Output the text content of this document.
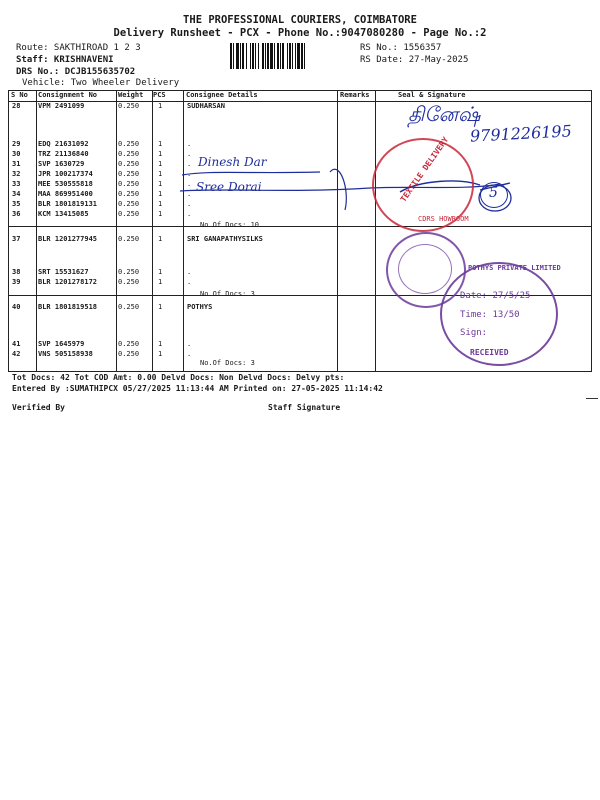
THE PROFESSIONAL COURIERS, COIMBATORE
Delivery Runsheet - PCX - Phone No.:9047080280 - Page No.:2
Route: SAKTHIROAD 1 2 3
Staff: KRISHNAVENI
DRS No.: DCJB155635702
Vehicle: Two Wheeler Delivery
RS No.: 1556357
RS Date: 27-May-2025
S No Consignment No	Weight PCS	Consignee Details	Remarks	Seal & Signature
28	VPM 2491099	0.250	1	SUDHARSAN
29	EDQ 21631092	0.250	1	.
30	TRZ 21136840	0.250	1	.
31	SVP 1630729	0.250	1	.
32	JPR 100217374	0.250	1	.
33	MEE 530555818	0.250	1	.
34	MAA 869951400	0.250	1	.
35	BLR 1801819131	0.250	1	.
36	KCM 13415085	0.250	1	.
37	BLR 1201277945	0.250	1	SRI GANAPATHYSILKS
38	SRT 15531627	0.250	1	.
39	BLR 1201278172	0.250	1	.
40	BLR 1801819518	0.250	1	POTHYS
41	SVP 1645979	0.250	1	.
42	VNS 505158938	0.250	1	.
No.Of Docs: 10
No.Of Docs: 3
No.Of Docs: 3
Tot Docs: 42 Tot COD Amt: 0.00 Delvd Docs: Non Delvd Docs: Delvy pts:
Entered By :SUMATHIPCX 05/27/2025 11:13:44 AM Printed on: 27-05-2025 11:14:42
Verified By	Staff Signature
தினேஷ்
9791226195
Dinesh Dar
Sree Dorai	5
TEXTILE DELIVERY
CDRS HOWROOM
POTHYS PRIVATE LIMITED
Date: 27/5/25
Time: 13/50
Sign:
RECEIVED
